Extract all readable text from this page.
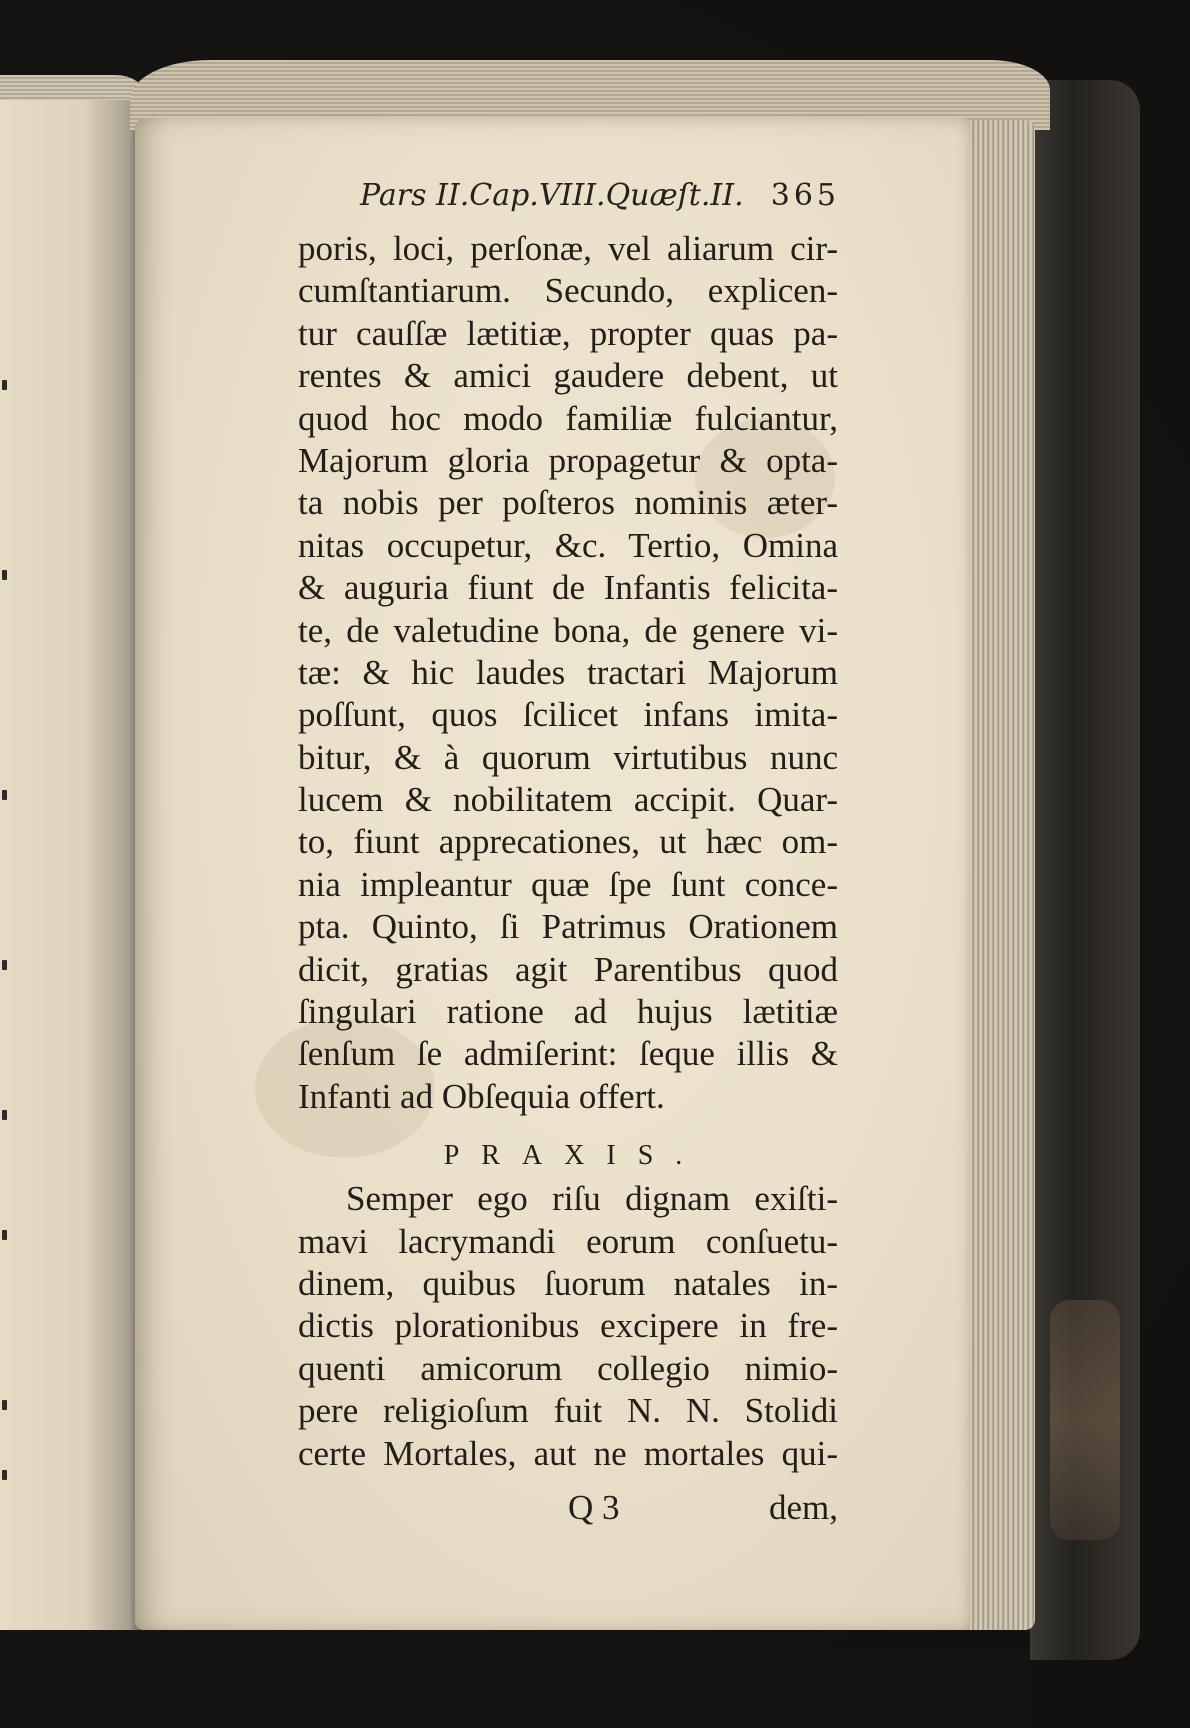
Pars II.Cap.VIII.Quæſt.II. 365
poris, loci, perſonæ, vel aliarum cir-
cumſtantiarum. Secundo, explicen-
tur cauſſæ lætitiæ, propter quas pa-
rentes & amici gaudere debent, ut
quod hoc modo familiæ fulciantur,
Majorum gloria propagetur & opta-
ta nobis per poſteros nominis æter-
nitas occupetur, &c. Tertio, Omina
& auguria fiunt de Infantis felicita-
te, de valetudine bona, de genere vi-
tæ: & hic laudes tractari Majorum
poſſunt, quos ſcilicet infans imita-
bitur, & à quorum virtutibus nunc
lucem & nobilitatem accipit. Quar-
to, fiunt apprecationes, ut hæc om-
nia impleantur quæ ſpe ſunt conce-
pta. Quinto, ſi Patrimus Orationem
dicit, gratias agit Parentibus quod
ſingulari ratione ad hujus lætitiæ
ſenſum ſe admiſerint: ſeque illis &
Infanti ad Obſequia offert.
PRAXIS.
Semper ego riſu dignam exiſti-
mavi lacrymandi eorum conſuetu-
dinem, quibus ſuorum natales in-
dictis plorationibus excipere in fre-
quenti amicorum collegio nimio-
pere religioſum fuit N. N. Stolidi
certe Mortales, aut ne mortales qui-
Q 3	dem,
